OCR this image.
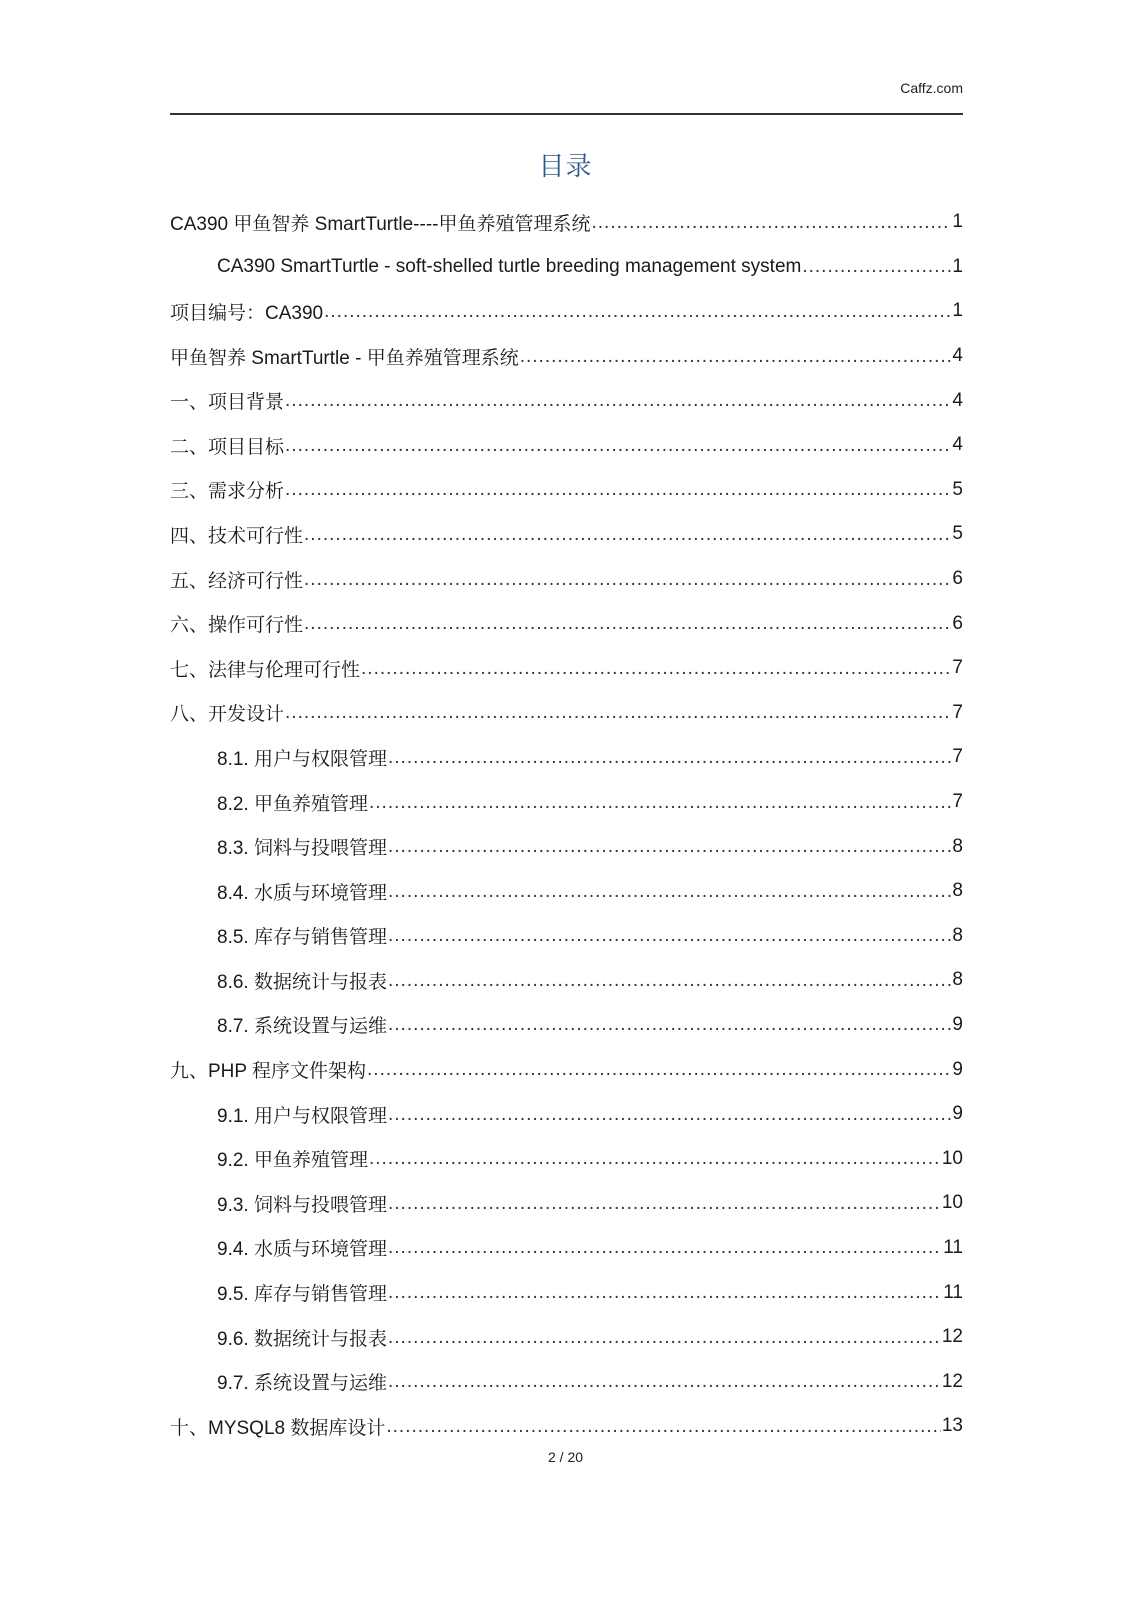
Caffz.com
目录
CA390 甲鱼智养 SmartTurtle----甲鱼养殖管理系统 .....	1
CA390 SmartTurtle - soft-shelled turtle breeding management system .....	1
项目编号：CA390 .....	1
甲鱼智养 SmartTurtle - 甲鱼养殖管理系统 .....	4
一、项目背景 .....	4
二、项目目标 .....	4
三、需求分析 .....	5
四、技术可行性 .....	5
五、经济可行性 .....	6
六、操作可行性 .....	6
七、法律与伦理可行性 .....	7
八、开发设计 .....	7
8.1. 用户与权限管理 .....	7
8.2. 甲鱼养殖管理 .....	7
8.3. 饲料与投喂管理 .....	8
8.4. 水质与环境管理 .....	8
8.5. 库存与销售管理 .....	8
8.6. 数据统计与报表 .....	8
8.7. 系统设置与运维 .....	9
九、PHP 程序文件架构 .....	9
9.1. 用户与权限管理 .....	9
9.2. 甲鱼养殖管理 .....	10
9.3. 饲料与投喂管理 .....	10
9.4. 水质与环境管理 .....	11
9.5. 库存与销售管理 .....	11
9.6. 数据统计与报表 .....	12
9.7. 系统设置与运维 .....	12
十、MYSQL8 数据库设计 .....	13
2 / 20
